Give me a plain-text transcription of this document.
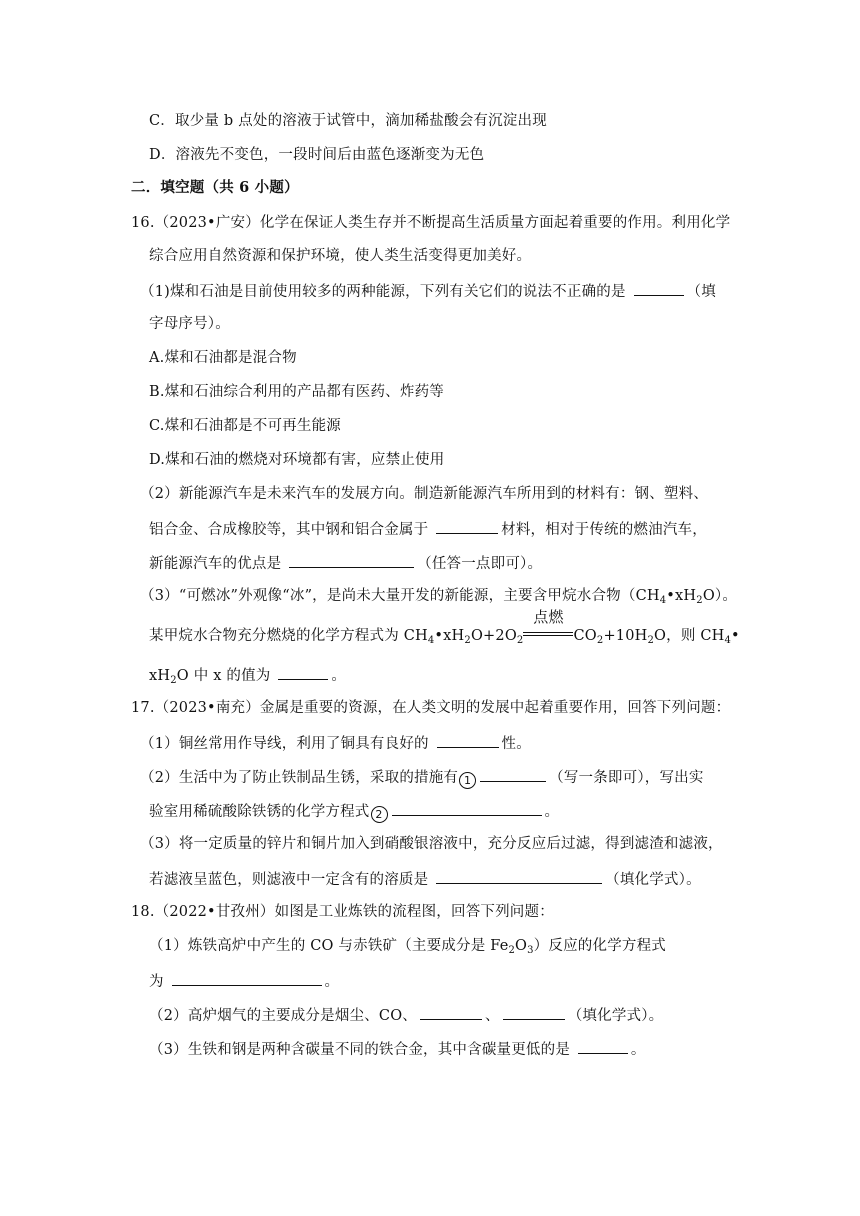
C．取少量 b 点处的溶液于试管中，滴加稀盐酸会有沉淀出现
D．溶液先不变色，一段时间后由蓝色逐渐变为无色
二．填空题（共 6 小题）
16.（2023•广安）化学在保证人类生存并不断提高生活质量方面起着重要的作用。利用化学
综合应用自然资源和保护环境，使人类生活变得更加美好。
（1)煤和石油是目前使用较多的两种能源，下列有关它们的说法不正确的是	（填
字母序号）。
A.煤和石油都是混合物
B.煤和石油综合利用的产品都有医药、炸药等
C.煤和石油都是不可再生能源
D.煤和石油的燃烧对环境都有害，应禁止使用
（2）新能源汽车是未来汽车的发展方向。制造新能源汽车所用到的材料有：钢、塑料、
铝合金、合成橡胶等，其中钢和铝合金属于	材料，相对于传统的燃油汽车，
新能源汽车的优点是	（任答一点即可）。
（3）“可燃冰”外观像“冰”，是尚未大量开发的新能源，主要含甲烷水合物$(CH_4•xH_2O)$。
某甲烷水合物充分燃烧的化学方程式为 $CH_4•xH_2O+2O_2$
点燃
$CO_2+10H_2O$，则 $CH_4•$
$xH_2O$ 中 x 的值为	。
17.（2023•南充）金属是重要的资源，在人类文明的发展中起着重要作用，回答下列问题：
（1）铜丝常用作导线，利用了铜具有良好的	性。
（2）生活中为了防止铁制品生锈，采取的措施有 1	（写一条即可），写出实
验室用稀硫酸除铁锈的化学方程式 2	。
（3）将一定质量的锌片和铜片加入到硝酸银溶液中，充分反应后过滤，得到滤渣和滤液，
若滤液呈蓝色，则滤液中一定含有的溶质是	（填化学式）。
18.（2022•甘孜州）如图是工业炼铁的流程图，回答下列问题：
（1）炼铁高炉中产生的 CO 与赤铁矿（主要成分是 $Fe_2O_3$）反应的化学方程式
为	。
（2）高炉烟气的主要成分是烟尘、CO、	、	（填化学式）。
（3）生铁和钢是两种含碳量不同的铁合金，其中含碳量更低的是	。
